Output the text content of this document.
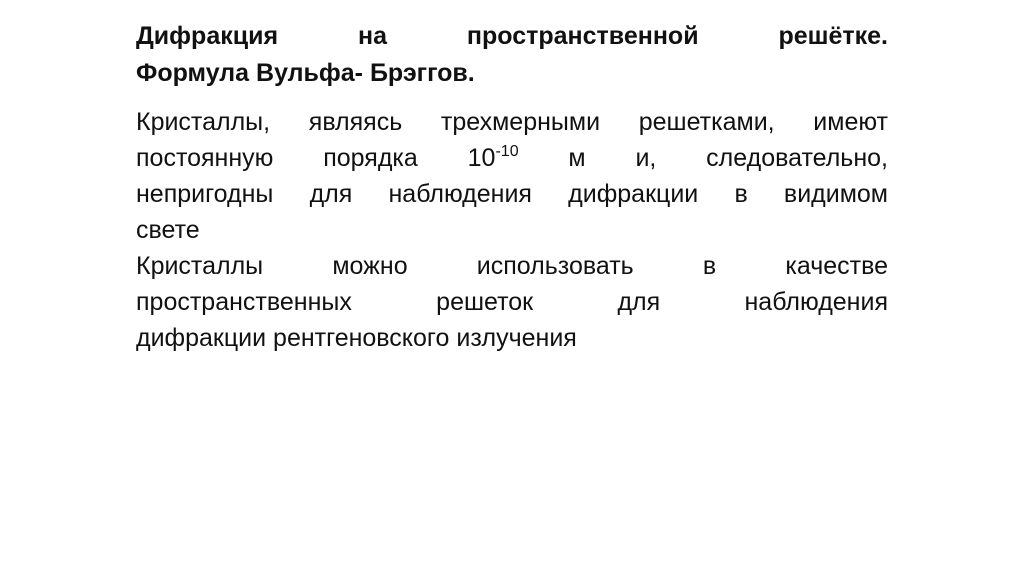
Дифракция на пространственной решётке.
Формула Вульфа- Брэггов.

Кристаллы, являясь трехмерными решетками, имеют
постоянную порядка $10^{-10}$ м и, следовательно,
непригодны для наблюдения дифракции в видимом
свете

Кристаллы можно использовать в качестве
пространственных решеток для наблюдения
дифракции рентгеновского излучения
